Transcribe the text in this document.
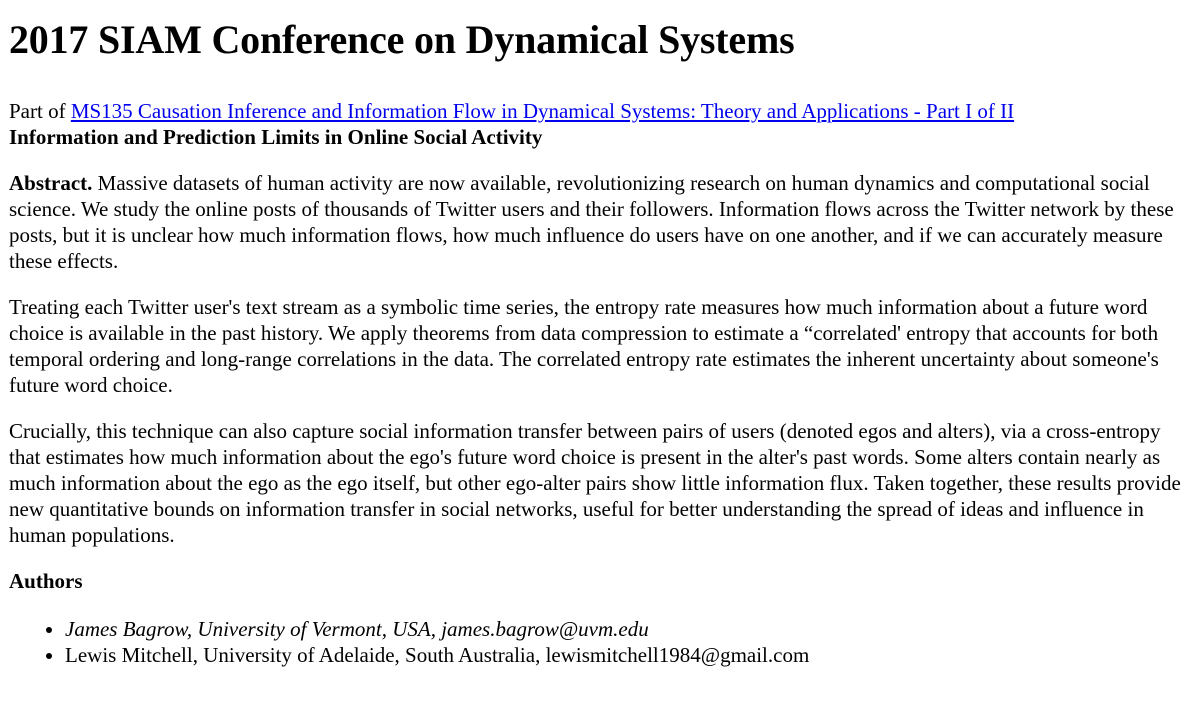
2017 SIAM Conference on Dynamical Systems
Part of MS135 Causation Inference and Information Flow in Dynamical Systems: Theory and Applications - Part I of II
Information and Prediction Limits in Online Social Activity

Abstract. Massive datasets of human activity are now available, revolutionizing research on human dynamics and computational social science. We study the online posts of thousands of Twitter users and their followers. Information flows across the Twitter network by these posts, but it is unclear how much information flows, how much influence do users have on one another, and if we can accurately measure these effects.

Treating each Twitter user's text stream as a symbolic time series, the entropy rate measures how much information about a future word choice is available in the past history. We apply theorems from data compression to estimate a “correlated' entropy that accounts for both temporal ordering and long-range correlations in the data. The correlated entropy rate estimates the inherent uncertainty about someone's future word choice.

Crucially, this technique can also capture social information transfer between pairs of users (denoted egos and alters), via a cross-entropy that estimates how much information about the ego's future word choice is present in the alter's past words. Some alters contain nearly as much information about the ego as the ego itself, but other ego-alter pairs show little information flux. Taken together, these results provide new quantitative bounds on information transfer in social networks, useful for better understanding the spread of ideas and influence in human populations.

Authors
• James Bagrow, University of Vermont, USA, james.bagrow@uvm.edu
• Lewis Mitchell, University of Adelaide, South Australia, lewismitchell1984@gmail.com
